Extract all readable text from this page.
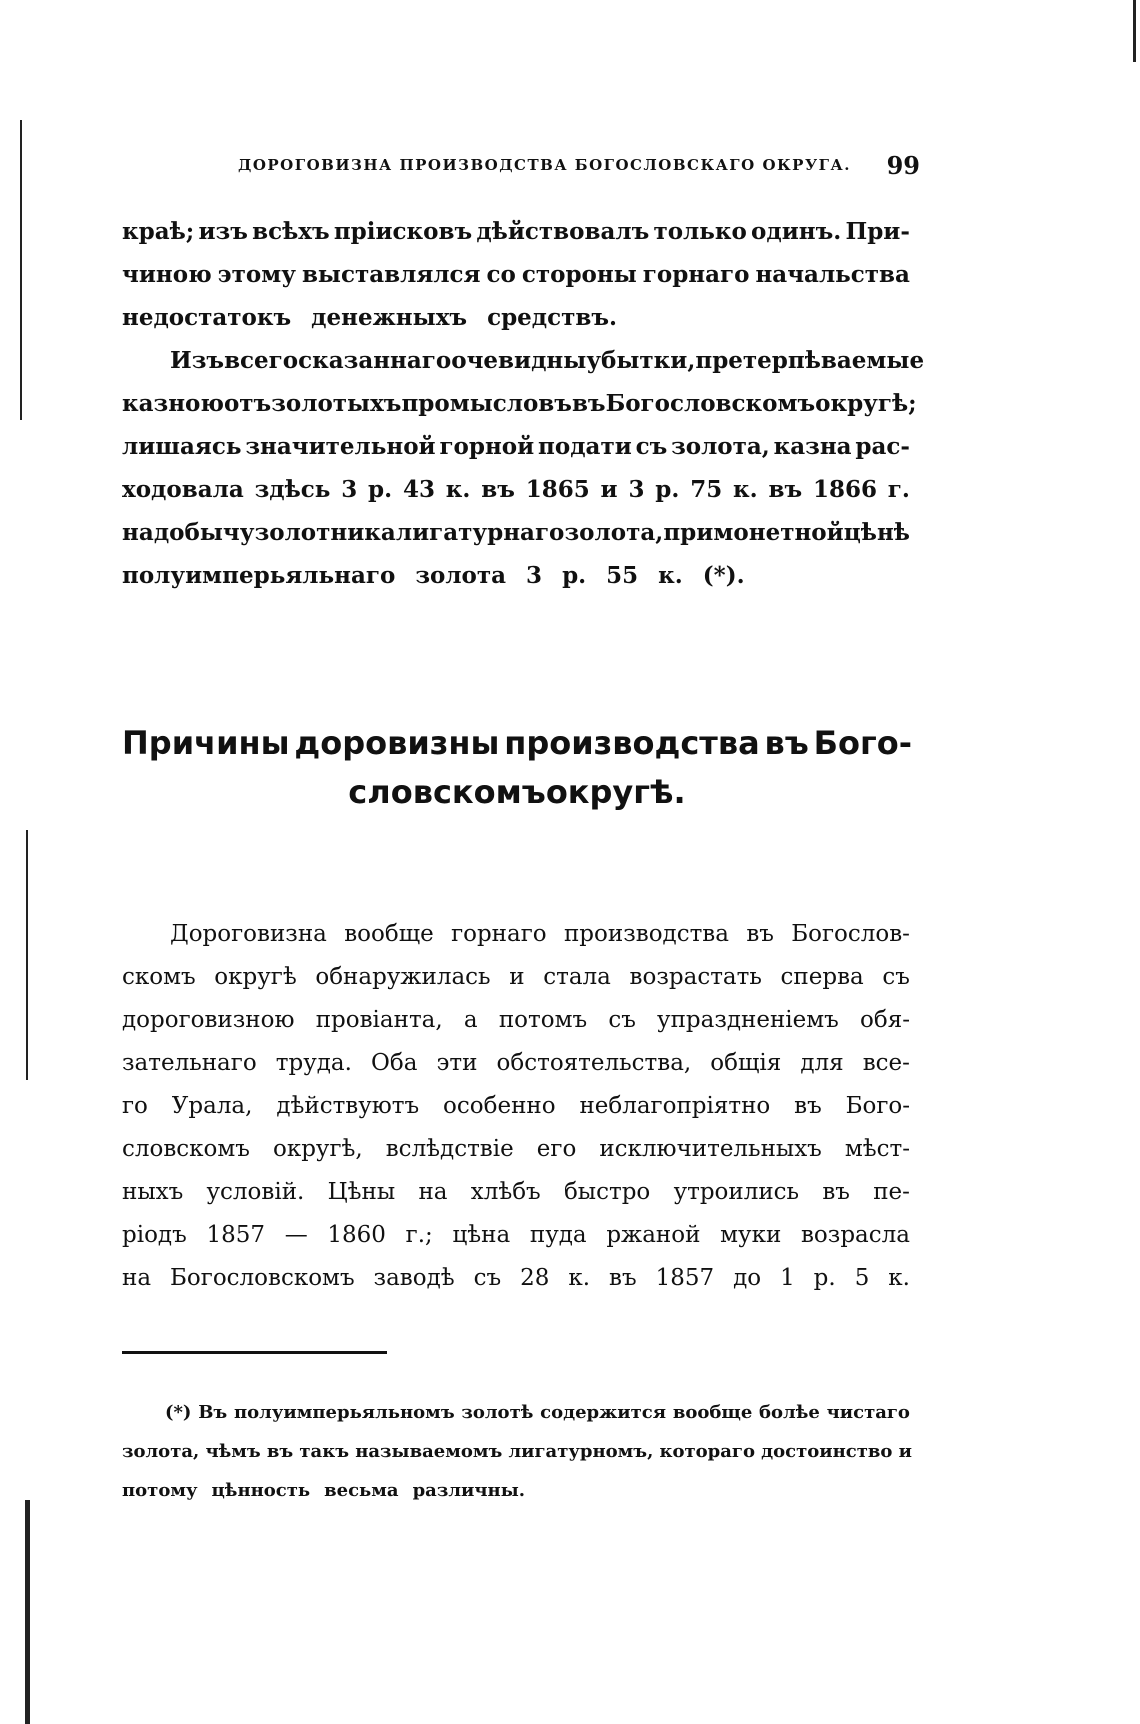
ДОРОГОВИЗНА ПРОИЗВОДСТВА БОГОСЛОВСКАГО ОКРУГА. 99
краѣ; изъ всѣхъ пріисковъ дѣйствовалъ только одинъ. При-
чиною этому выставлялся со стороны горнаго начальства
недостатокъ денежныхъ средствъ.
Изъ всего сказаннаго очевидны убытки, претерпѣваемые
казною отъ золотыхъ промысловъ въ Богословскомъ округѣ;
лишаясь значительной горной подати съ золота, казна рас-
ходовала здѣсь 3 р. 43 к. въ 1865 и 3 р. 75 к. въ 1866 г.
на добычу золотника лигатурнаго золота, при монетной цѣнѣ
полуимперьяльнаго золота 3 р. 55 к. (*).
Причины доровизны производства въ Бого-
словскомъ округѣ.
Дороговизна вообще горнаго производства въ Богослов-
скомъ округѣ обнаружилась и стала возрастать сперва съ
дороговизною провіанта, а потомъ съ упраздненіемъ обя-
зательнаго труда. Оба эти обстоятельства, общія для все-
го Урала, дѣйствуютъ особенно неблагопріятно въ Бого-
словскомъ округѣ, вслѣдствіе его исключительныхъ мѣст-
ныхъ условій. Цѣны на хлѣбъ быстро утроились въ пе-
ріодъ 1857 — 1860 г.; цѣна пуда ржаной муки возрасла
на Богословскомъ заводѣ съ 28 к. въ 1857 до 1 р. 5 к.
(*) Въ полуимперьяльномъ золотѣ содержится вообще болѣе чистаго
золота, чѣмъ въ такъ называемомъ лигатурномъ, котораго достоинство и
потому цѣнность весьма различны.
